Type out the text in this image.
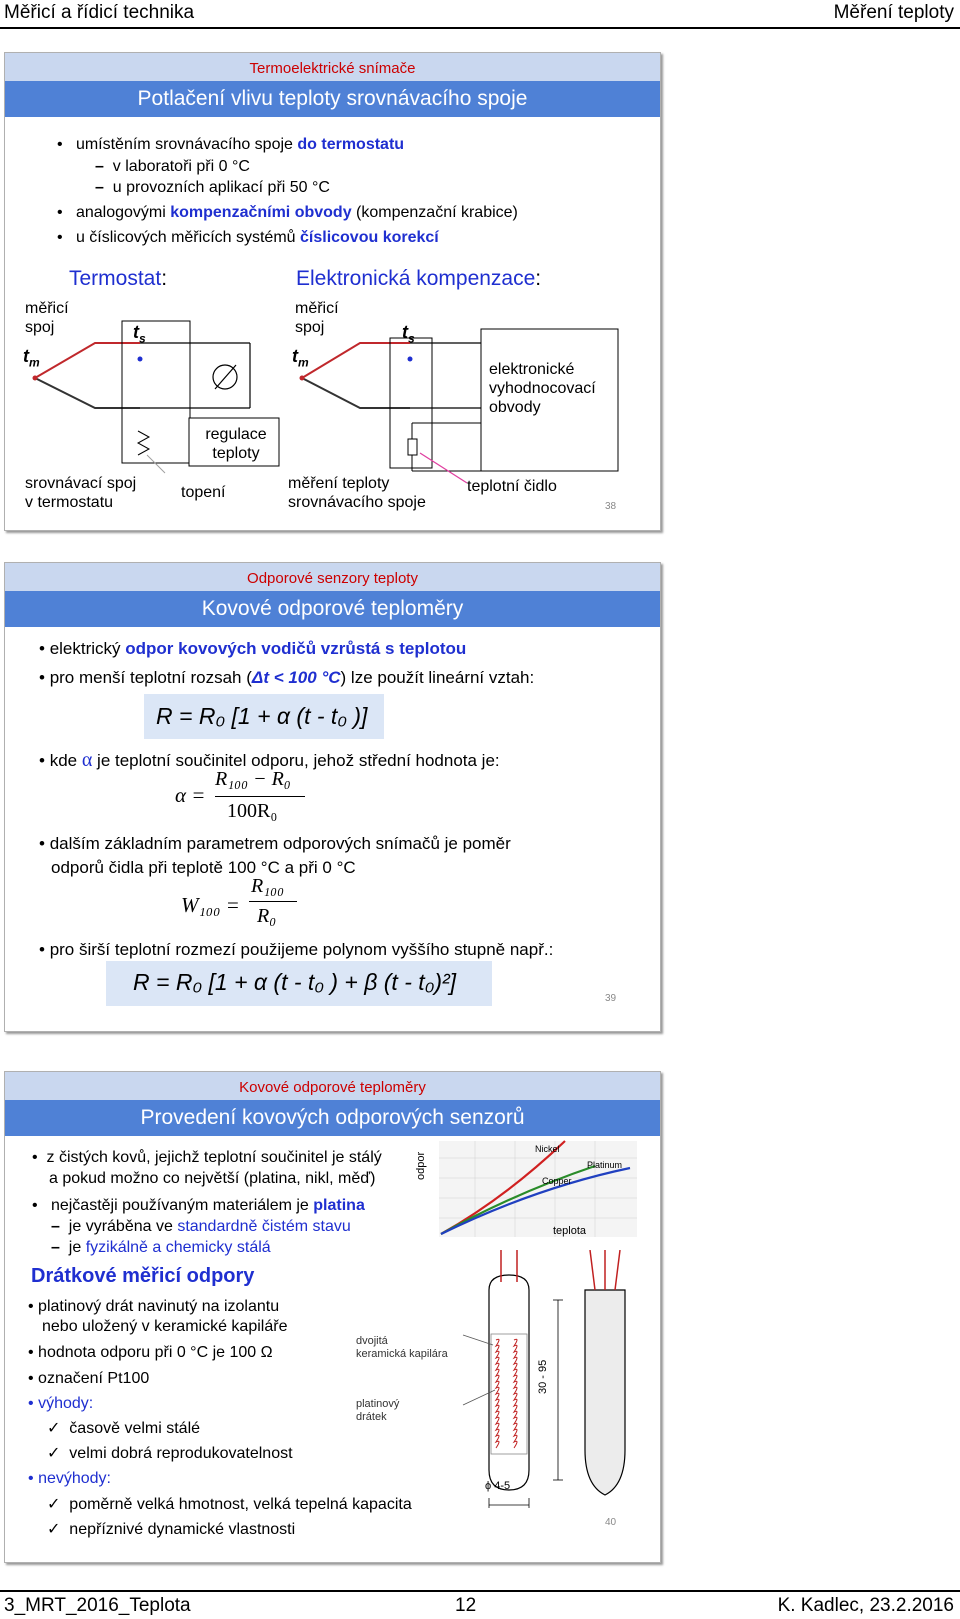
Měřicí a řídicí technika	Měření teploty
Termoelektrické snímače
Potlačení vlivu teploty srovnávacího spoje
•   umístěním srovnávacího spoje do termostatu
– v laboratoři při 0 °C
– u provozních aplikací při 50 °C
•   analogovými kompenzačními obvody (kompenzační krabice)
•   u číslicových měřicích systémů číslicovou korekcí
Termostat:	Elektronická kompenzace:
měřicí
spoj
$t_m$
$t_s$
regulace
teploty
srovnávací spoj
v termostatu
topení
měřicí
spoj
$t_m$
$t_s$
elektronické
vyhodnocovací
obvody
měření teploty
srovnávacího spoje
teplotní čidlo
38
Odporové senzory teploty
Kovové odporové teploměry
• elektrický odpor kovových vodičů vzrůstá s teplotou
• pro menší teplotní rozsah (Δt < 100 °C) lze použít lineární vztah:
R = R₀ [1 + α (t - t₀ )]
• kde α je teplotní součinitel odporu, jehož střední hodnota je:
α =
R₁₀₀ − R₀
100R₀
• dalším základním parametrem odporových snímačů je poměr
odporů čidla při teplotě 100 °C a při 0 °C
W₁₀₀ =
R₁₀₀
R₀
• pro širší teplotní rozmezí použijeme polynom vyššího stupně např.:
R = R₀ [1 + α (t - t₀ ) + β (t - t₀)²]
39
Kovové odporové teploměry
Provedení kovových odporových senzorů
•  z čistých kovů, jejichž teplotní součinitel je stálý
a pokud možno co největší (platina, nikl, měď)
•   nejčastěji používaným materiálem je platina
– je vyráběna ve standardně čistém stavu
– je fyzikálně a chemicky stálá
Drátkové měřicí odpory
• platinový drát navinutý na izolantu
nebo uložený v keramické kapiláře
• hodnota odporu při 0 °C je 100 Ω
• označení Pt100
• výhody:
✓  časově velmi stálé
✓  velmi dobrá reprodukovatelnost
• nevýhody:
✓  poměrně velká hmotnost, velká tepelná kapacita
✓  nepříznivé dynamické vlastnosti
odpor
teplota
Nickel
Copper
Platinum
dvojitá
keramická kapilára
platinový
drátek
30 - 95
ϕ 4-5
40
3_MRT_2016_Teplota	12	K. Kadlec, 23.2.2016
